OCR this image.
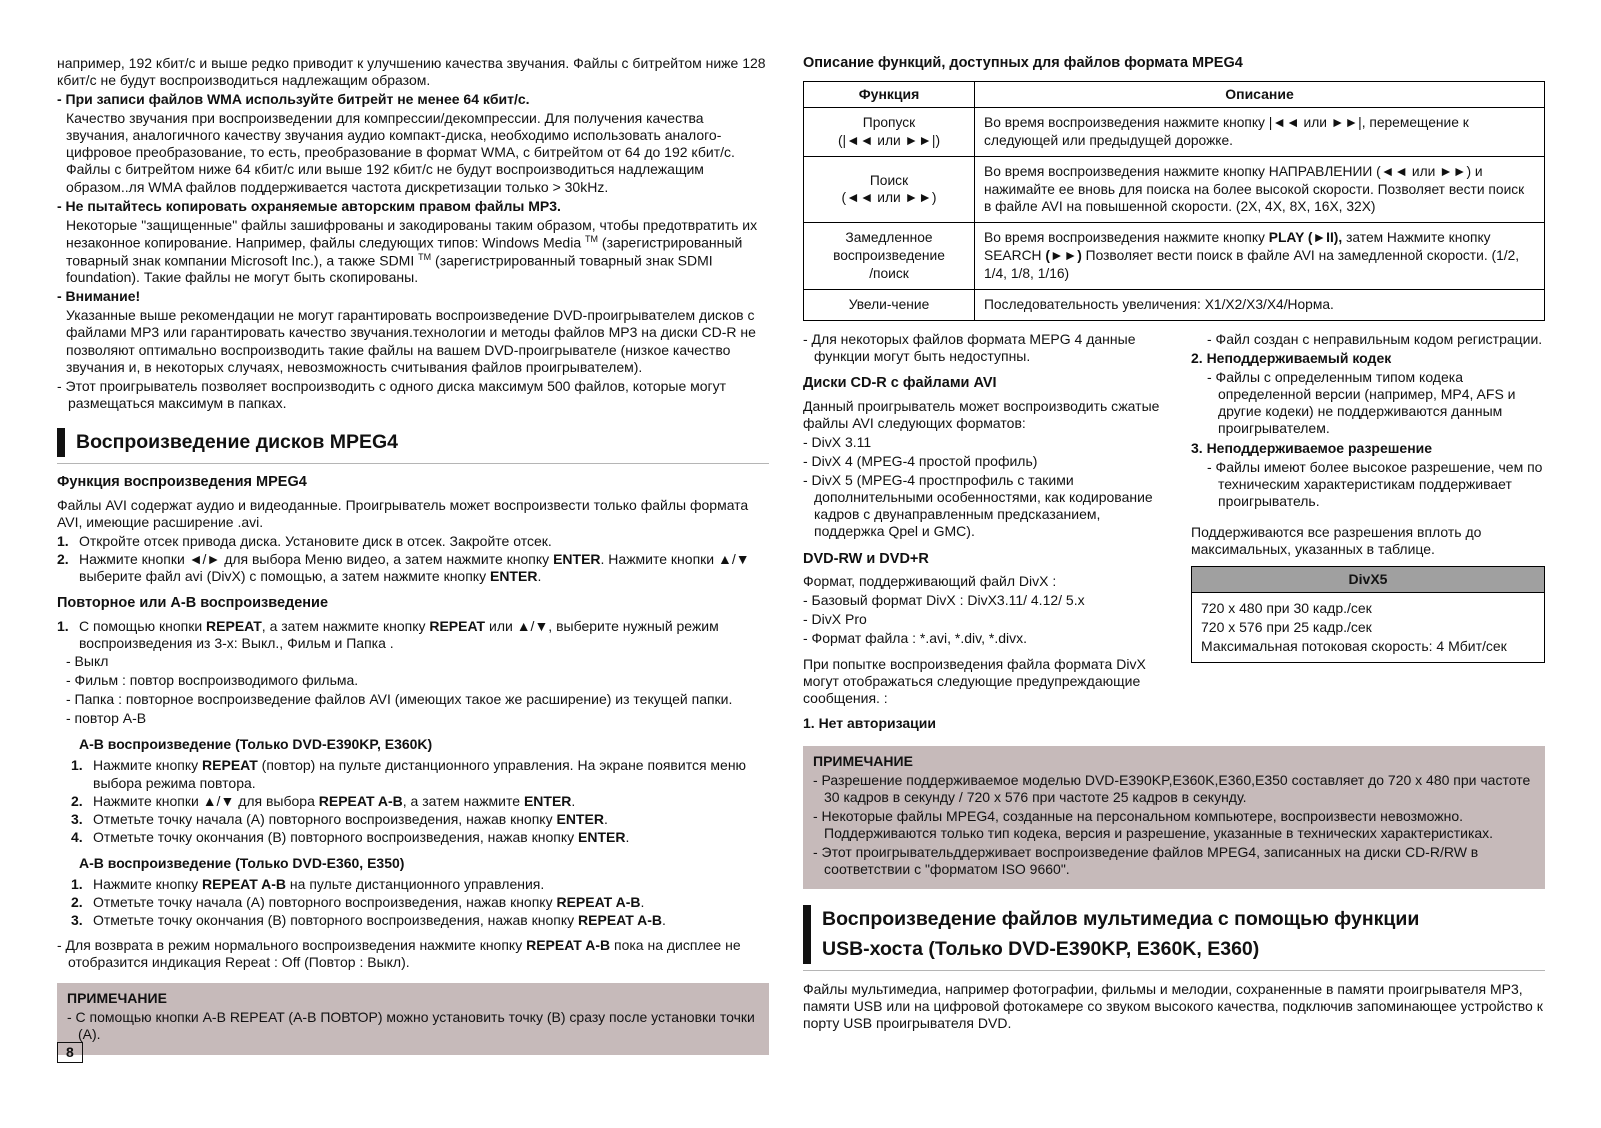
например, 192 кбит/с и выше редко приводит к улучшению качества звучания. Файлы с битрейтом ниже 128 кбит/с не будут воспроизводиться надлежащим образом.

- При записи файлов WMA используйте битрейт не менее 64 кбит/с.

Качество звучания при воспроизведении для компрессии/декомпрессии. Для получения качества звучания, аналогичного качеству звучания аудио компакт-диска, необходимо использовать аналого-цифровое преобразование, то есть, преобразование в формат WMA, с битрейтом от 64 до 192 кбит/с. Файлы с битрейтом ниже 64 кбит/с или выше 192 кбит/с не будут воспроизводиться надлежащим образом..ля WMA файлов поддерживается частота дискретизации только > 30kHz.

- Не пытайтесь копировать охраняемые авторским правом файлы MP3.

Некоторые "защищенные" файлы зашифрованы и закодированы таким образом, чтобы предотвратить их незаконное копирование. Например, файлы следующих типов: Windows Media ™ (зарегистрированный товарный знак компании Microsoft Inc.), а также SDMI ™ (зарегистрированный товарный знак SDMI foundation). Такие файлы не могут быть скопированы.

- Внимание!

Указанные выше рекомендации не могут гарантировать воспроизведение DVD-проигрывателем дисков с файлами MP3 или гарантировать качество звучания.технологии и методы файлов MP3 на диски CD-R не позволяют оптимально воспроизводить такие файлы на вашем DVD-проигрывателе (низкое качество звучания и, в некоторых случаях, невозможность считывания файлов проигрывателем).

- Этот проигрыватель позволяет воспроизводить с одного диска максимум 500 файлов, которые могут размещаться максимум в папках.

Воспроизведение дисков MPEG4
Функция воспроизведения MPEG4

Файлы AVI содержат аудио и видеоданные. Проигрыватель может воспроизвести только файлы формата AVI, имеющие расширение .avi.

1. Откройте отсек привода диска. Установите диск в отсек. Закройте отсек.
2. Нажмите кнопки ◄/► для выбора Меню видео, а затем нажмите кнопку ENTER. Нажмите кнопки ▲/▼ выберите файл avi (DivX) с помощью, а затем нажмите кнопку ENTER.
Повторное или А-В воспроизведение
1. С помощью кнопки REPEAT, а затем нажмите кнопку REPEAT или ▲/▼, выберите нужный режим воспроизведения из 3-х: Выкл., Фильм и Папка .

- Выкл

- Фильм : повтор воспроизводимого фильма.

- Папка : повторное воспроизведение файлов AVI (имеющих такое же расширение) из текущей папки.

- повтор А-В

А-В воспроизведение (Только DVD-E390KP, E360K)
1. Нажмите кнопку REPEAT (повтор) на пульте дистанционного управления. На экране появится меню выбора режима повтора.
2. Нажмите кнопки ▲/▼ для выбора REPEAT A-B, а затем нажмите ENTER.
3. Отметьте точку начала (А) повторного воспроизведения, нажав кнопку ENTER.
4. Отметьте точку окончания (В) повторного воспроизведения, нажав кнопку ENTER.
А-В воспроизведение (Только DVD-E360, E350)
1. Нажмите кнопку REPEAT A-B на пульте дистанционного управления.
2. Отметьте точку начала (А) повторного воспроизведения, нажав кнопку REPEAT A-B.
3. Отметьте точку окончания (В) повторного воспроизведения, нажав кнопку REPEAT A-B.

- Для возврата в режим нормального воспроизведения нажмите кнопку REPEAT A-B пока на дисплее не отобразится индикация Repeat : Off (Повтор : Выкл).

ПРИМЕЧАНИЕ

- С помощью кнопки A-B REPEAT (A-B ПОВТОР) можно установить точку (В) сразу после установки точки (А).

Описание функций, доступных для файлов формата MPEG4
Функция	Описание
Пропуск
(|◄◄ или ►►|)	Во время воспроизведения нажмите кнопку |◄◄ или ►►|, перемещение к следующей или предыдущей дорожке.
Поиск
(◄◄ или ►►)	Во время воспроизведения нажмите кнопку НАПРАВЛЕНИИ (◄◄ или ►►) и нажимайте ее вновь для поиска на более высокой скорости. Позволяет вести поиск в файле AVI на повышенной скорости. (2X, 4X, 8X, 16X, 32X)
Замедленное
воспроизведение
/поиск	Во время воспроизведения нажмите кнопку PLAY (►II), затем Нажмите кнопку SEARCH (►►) Позволяет вести поиск в файле AVI на замедленной скорости. (1/2, 1/4, 1/8, 1/16)
Увели-чение	Последовательность увеличения: X1/X2/X3/X4/Норма.

- Для некоторых файлов формата MEPG 4 данные функции могут быть недоступны.

Диски CD-R с файлами AVI

Данный проигрыватель может воспроизводить сжатые файлы AVI следующих форматов:

- DivX 3.11

- DivX 4 (MPEG-4 простой профиль)

- DivX 5 (MPEG-4 простпрофиль с такими дополнительными особенностями, как кодирование кадров с двунаправленным предсказанием, поддержка Qpel и GMC).

DVD-RW и DVD+R

Формат, поддерживающий файл DivX :

- Базовый формат DivX : DivX3.11/ 4.12/ 5.x

- DivX Pro

- Формат файла : *.avi, *.div, *.divx.

При попытке воспроизведения файла формата DivX могут отображаться следующие предупреждающие сообщения. :

1. Нет авторизации

- Файл создан с неправильным кодом регистрации.

2. Неподдерживаемый кодек

- Файлы с определенным типом кодека определенной версии (например, MP4, AFS и другие кодеки) не поддерживаются данным проигрывателем.

3. Неподдерживаемое разрешение

- Файлы имеют более высокое разрешение, чем по техническим характеристикам поддерживает проигрыватель.

Поддерживаются все разрешения вплоть до максимальных, указанных в таблице.

DivX5

720 x 480 при 30 кадр./сек
720 x 576 при 25 кадр./сек
Максимальная потоковая скорость: 4 Мбит/сек
ПРИМЕЧАНИЕ

- Разрешение поддерживаемое моделью DVD-E390KP,E360K,E360,E350 составляет до 720 x 480 при частоте 30 кадров в секунду / 720 x 576 при частоте 25 кадров в секунду.

- Некоторые файлы MPEG4, созданные на персональном компьютере, воспроизвести невозможно. Поддерживаются только тип кодека, версия и разрешение, указанные в технических характеристиках.

- Этот проигрывательддерживает воспроизведение файлов MPEG4, записанных на диски CD-R/RW в соответствии с "форматом ISO 9660".

Воспроизведение файлов мультимедиа с помощью функции
USB-хоста (Только DVD-E390KP, E360K, E360)

Файлы мультимедиа, например фотографии, фильмы и мелодии, сохраненные в памяти проигрывателя MP3, памяти USB или на цифровой фотокамере со звуком высокого качества, подключив запоминающее устройство к порту USB проигрывателя DVD.

8
